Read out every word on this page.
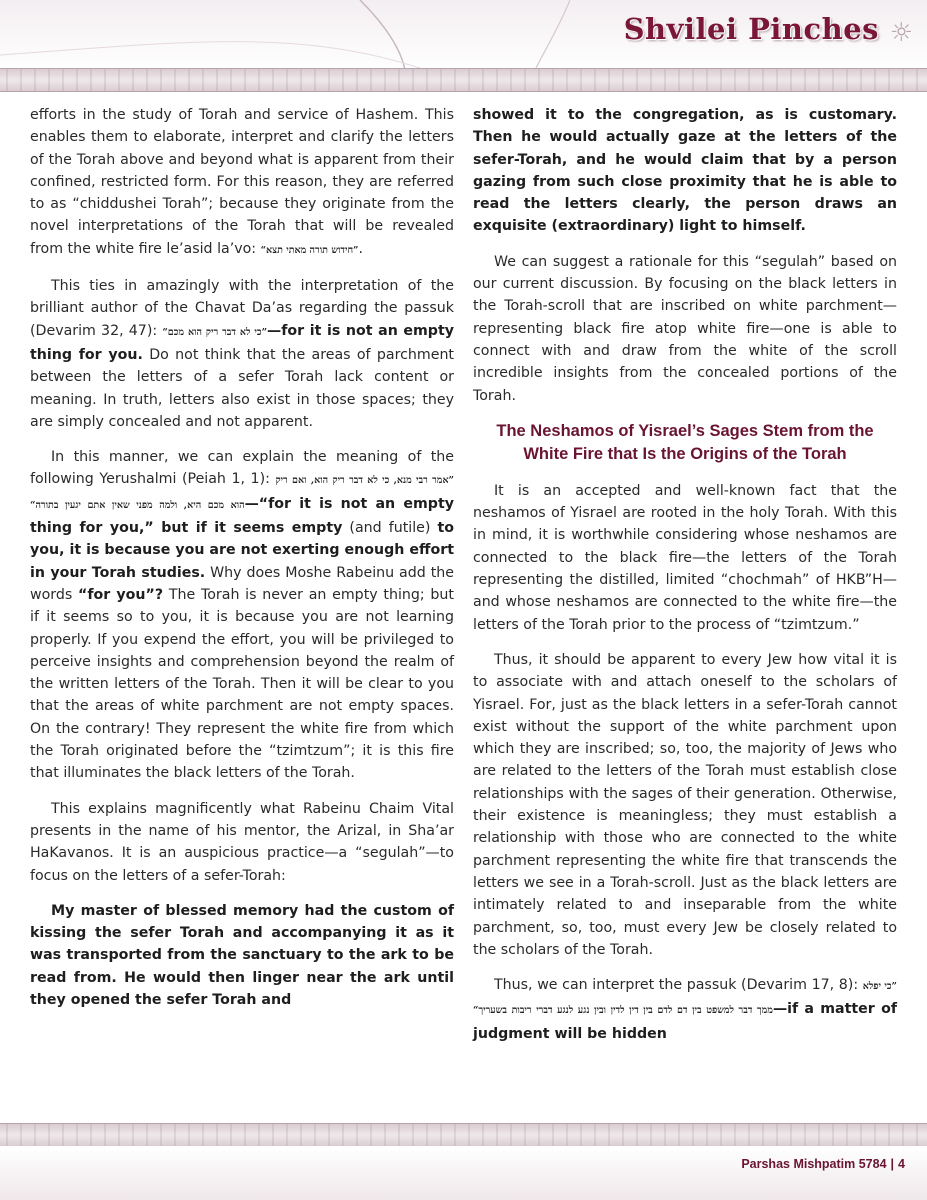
Shvilei Pinches ☼

efforts in the study of Torah and service of Hashem. This enables them to elaborate, interpret and clarify the letters of the Torah above and beyond what is apparent from their confined, restricted form. For this reason, they are referred to as “chiddushei Torah”; because they originate from the novel interpretations of the Torah that will be revealed from the white fire le’asid la’vo: ”חידוש תורה מאתי תצא“.

This ties in amazingly with the interpretation of the brilliant author of the Chavat Da’as regarding the passuk (Devarim 32, 47): ”כי לא דבר ריק הוא מכם“—for it is not an empty thing for you. Do not think that the areas of parchment between the letters of a sefer Torah lack content or meaning. In truth, letters also exist in those spaces; they are simply concealed and not apparent.

In this manner, we can explain the meaning of the following Yerushalmi (Peiah 1, 1): ”אמר רבי מנא, כי לא דבר ריק הוא, ואם ריק הוא מכם היא, ולמה מפני שאין אתם יגעין בתורה“—“for it is not an empty thing for you,” but if it seems empty (and futile) to you, it is because you are not exerting enough effort in your Torah studies. Why does Moshe Rabeinu add the words “for you”? The Torah is never an empty thing; but if it seems so to you, it is because you are not learning properly. If you expend the effort, you will be privileged to perceive insights and comprehension beyond the realm of the written letters of the Torah. Then it will be clear to you that the areas of white parchment are not empty spaces. On the contrary! They represent the white fire from which the Torah originated before the “tzimtzum”; it is this fire that illuminates the black letters of the Torah.

This explains magnificently what Rabeinu Chaim Vital presents in the name of his mentor, the Arizal, in Sha’ar HaKavanos. It is an auspicious practice—a “segulah”—to focus on the letters of a sefer-Torah:

My master of blessed memory had the custom of kissing the sefer Torah and accompanying it as it was transported from the sanctuary to the ark to be read from. He would then linger near the ark until they opened the sefer Torah and

showed it to the congregation, as is customary. Then he would actually gaze at the letters of the sefer-Torah, and he would claim that by a person gazing from such close proximity that he is able to read the letters clearly, the person draws an exquisite (extraordinary) light to himself.

We can suggest a rationale for this “segulah” based on our current discussion. By focusing on the black letters in the Torah-scroll that are inscribed on white parchment—representing black fire atop white fire—one is able to connect with and draw from the white of the scroll incredible insights from the concealed portions of the Torah.

The Neshamos of Yisrael’s Sages Stem from the White Fire that Is the Origins of the Torah

It is an accepted and well-known fact that the neshamos of Yisrael are rooted in the holy Torah. With this in mind, it is worthwhile considering whose neshamos are connected to the black fire—the letters of the Torah representing the distilled, limited “chochmah” of HKB”H—and whose neshamos are connected to the white fire—the letters of the Torah prior to the process of “tzimtzum.”

Thus, it should be apparent to every Jew how vital it is to associate with and attach oneself to the scholars of Yisrael. For, just as the black letters in a sefer-Torah cannot exist without the support of the white parchment upon which they are inscribed; so, too, the majority of Jews who are related to the letters of the Torah must establish close relationships with the sages of their generation. Otherwise, their existence is meaningless; they must establish a relationship with those who are connected to the white parchment representing the white fire that transcends the letters we see in a Torah-scroll. Just as the black letters are intimately related to and inseparable from the white parchment, so, too, must every Jew be closely related to the scholars of the Torah.

Thus, we can interpret the passuk (Devarim 17, 8): ”כי יפלא ממך דבר למשפט בין דם לדם בין דין לדין ובין נגע לנגע דברי ריבות בשעריך“—if a matter of judgment will be hidden

Parshas Mishpatim 5784 | 4
